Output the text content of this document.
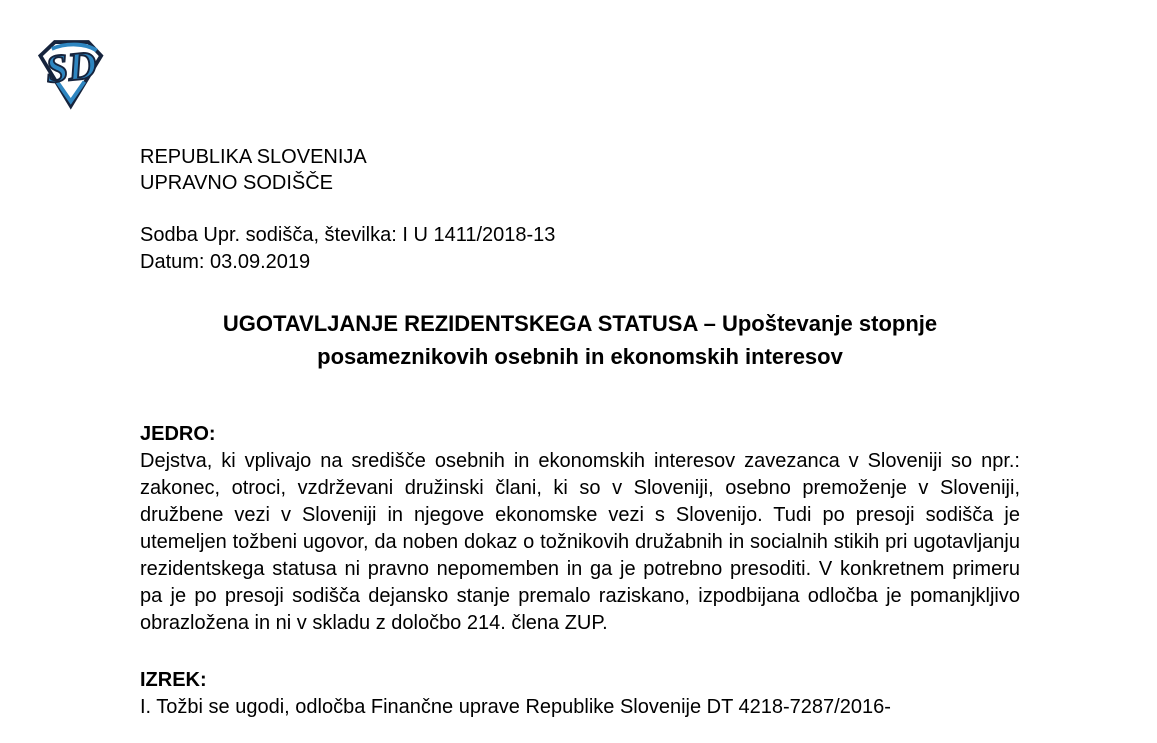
SD
REPUBLIKA SLOVENIJA
UPRAVNO SODIŠČE
Sodba Upr. sodišča, številka: I U 1411/2018-13
Datum: 03.09.2019
UGOTAVLJANJE REZIDENTSKEGA STATUSA – Upoštevanje stopnje posameznikovih osebnih in ekonomskih interesov
JEDRO:

Dejstva, ki vplivajo na središče osebnih in ekonomskih interesov zavezanca v Sloveniji so npr.: zakonec, otroci, vzdrževani družinski člani, ki so v Sloveniji, osebno premoženje v Sloveniji, družbene vezi v Sloveniji in njegove ekonomske vezi s Slovenijo. Tudi po presoji sodišča je utemeljen tožbeni ugovor, da noben dokaz o tožnikovih družabnih in socialnih stikih pri ugotavljanju rezidentskega statusa ni pravno nepomemben in ga je potrebno presoditi. V konkretnem primeru pa je po presoji sodišča dejansko stanje premalo raziskano, izpodbijana odločba je pomanjkljivo obrazložena in ni v skladu z določbo 214. člena ZUP.

IZREK:

I. Tožbi se ugodi, odločba Finančne uprave Republike Slovenije DT 4218-7287/2016-
